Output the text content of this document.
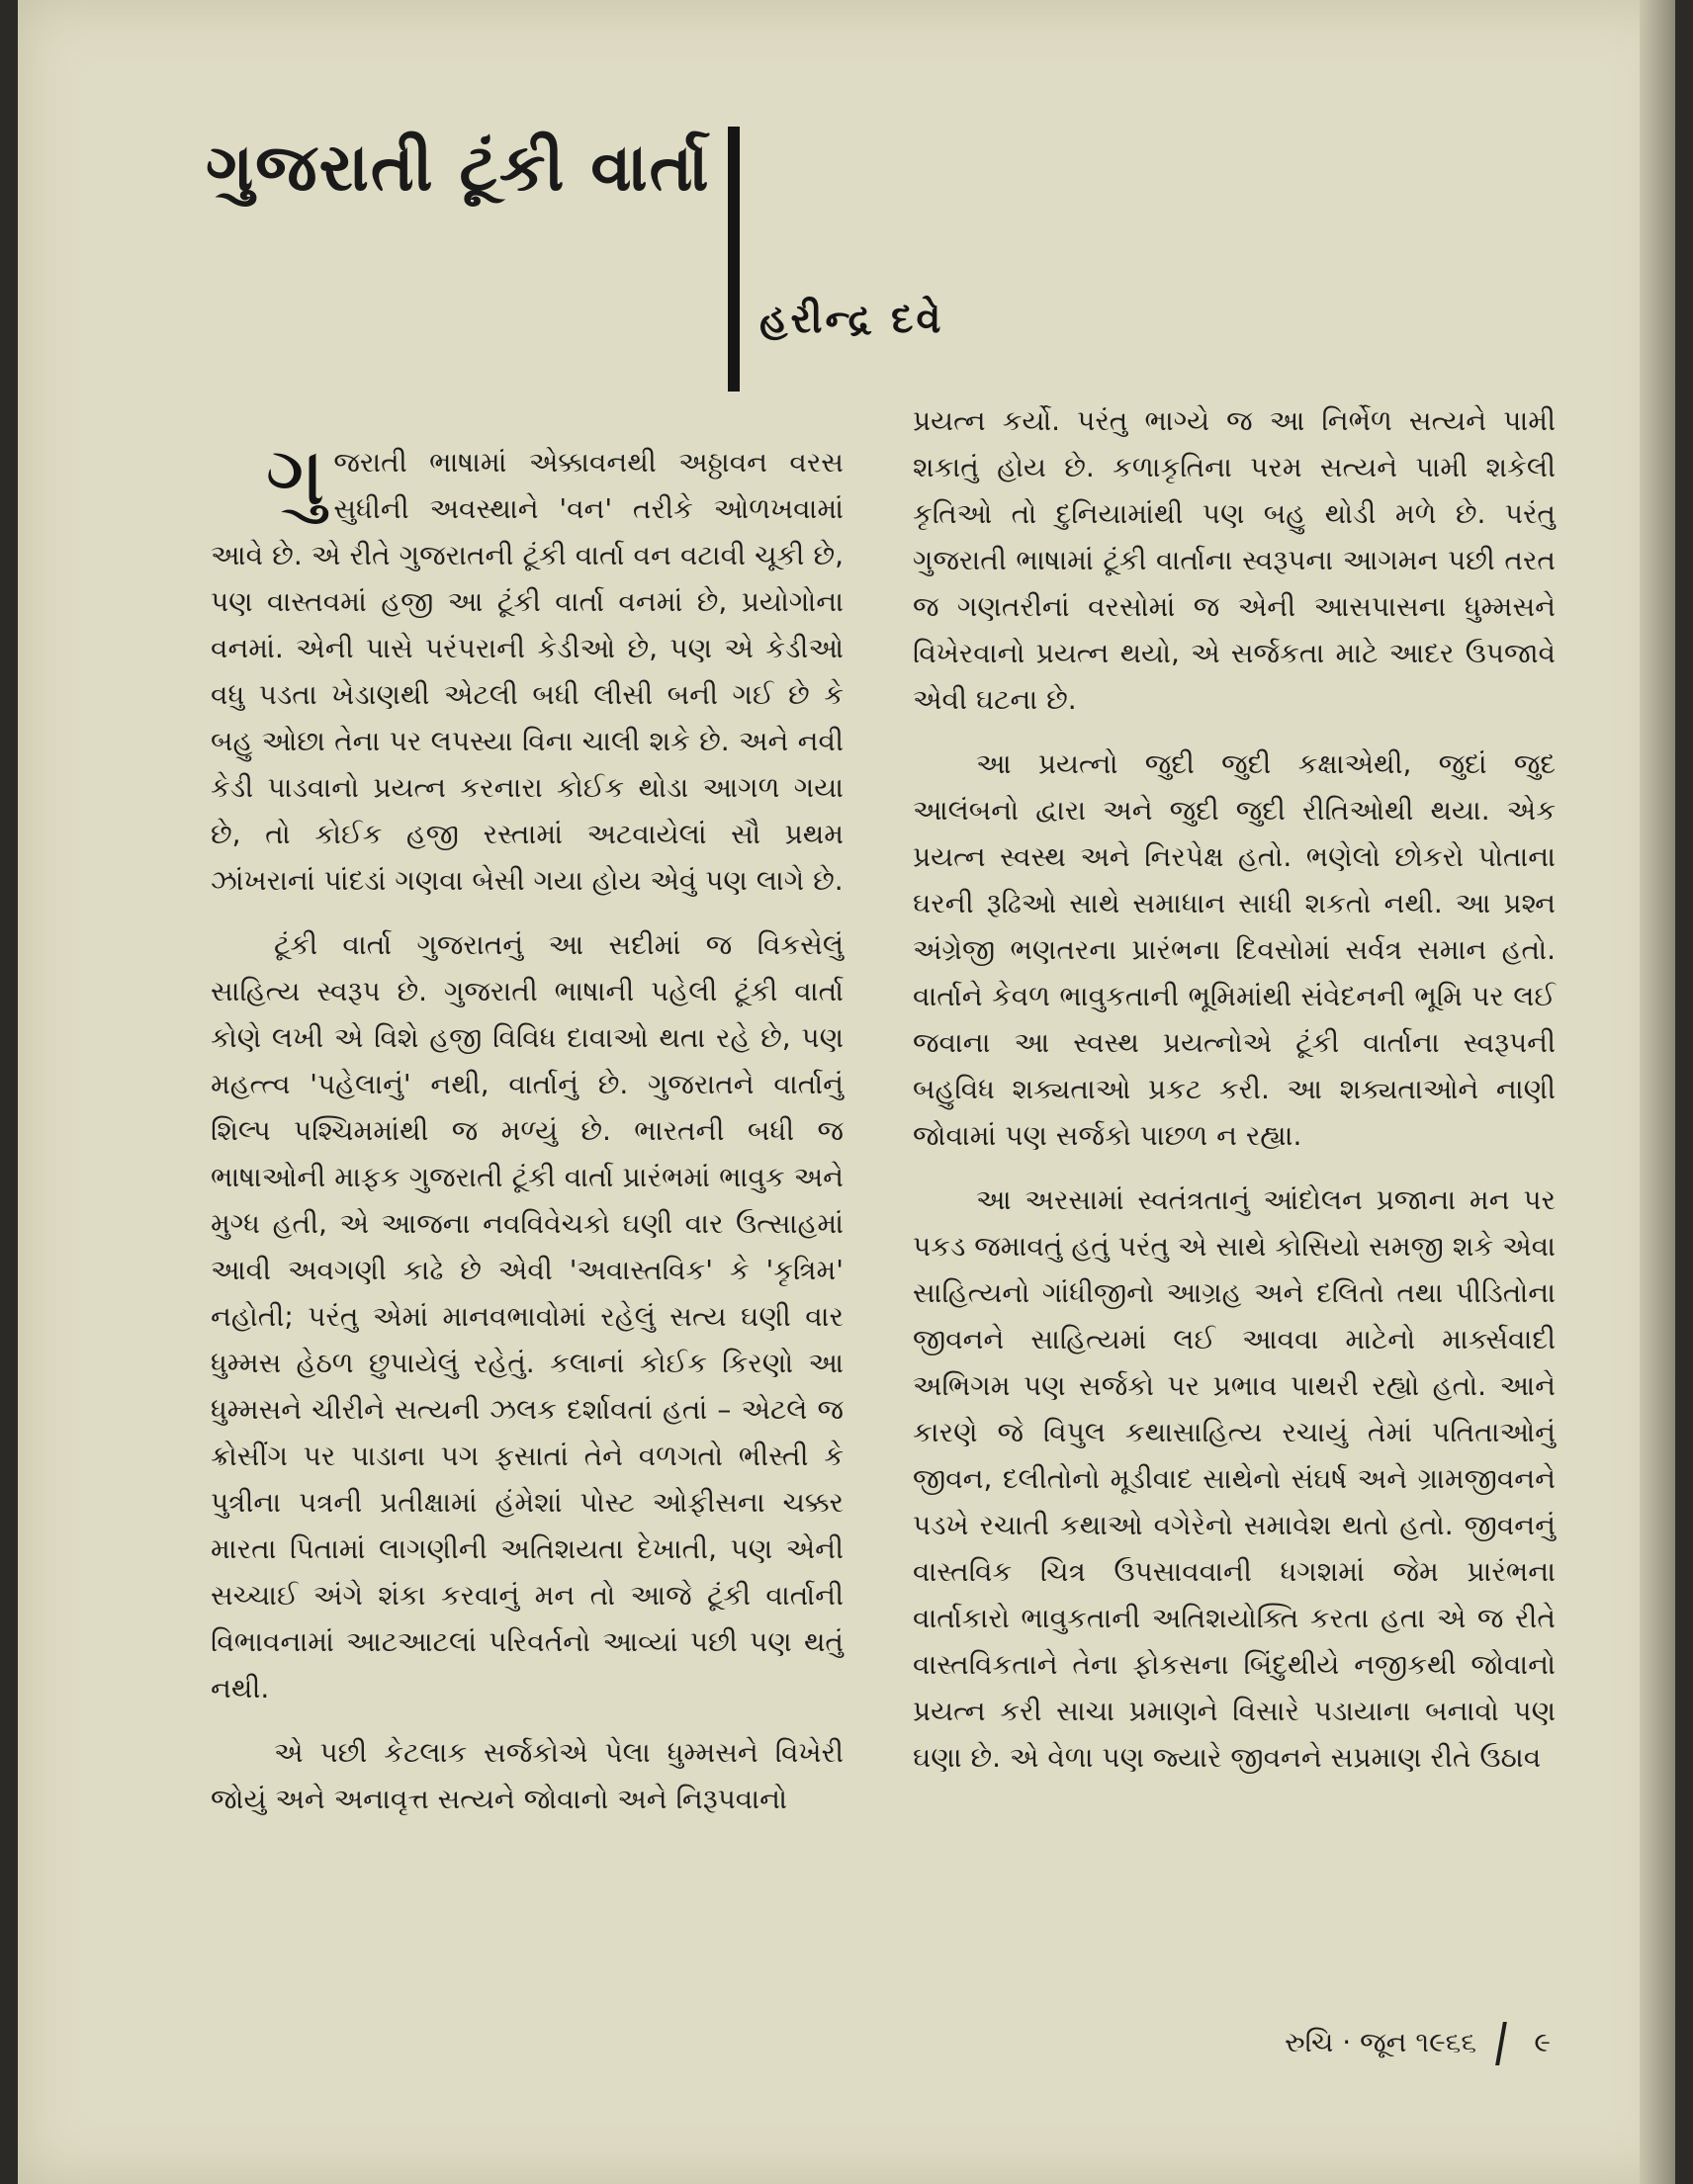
ગુજરાતી ટૂંકી વાર્તા
હરીન્દ્ર દવે

ગુજરાતી ભાષામાં એક્કાવનથી અઠ્ઠાવન વરસ સુધીની અવસ્થાને 'વન' તરીકે ઓળખવામાં આવે છે. એ રીતે ગુજરાતની ટૂંકી વાર્તા વન વટાવી ચૂકી છે, પણ વાસ્તવમાં હજી આ ટૂંકી વાર્તા વનમાં છે, પ્રયોગોના વનમાં. એની પાસે પરંપરાની કેડીઓ છે, પણ એ કેડીઓ વધુ પડતા ખેડાણથી એટલી બધી લીસી બની ગઈ છે કે બહુ ઓછા તેના પર લપસ્યા વિના ચાલી શકે છે. અને નવી કેડી પાડવાનો પ્રયત્ન કરનારા કોઈક થોડા આગળ ગયા છે, તો કોઈક હજી રસ્તામાં અટવાયેલાં સૌ પ્રથમ ઝાંખરાનાં પાંદડાં ગણવા બેસી ગયા હોય એવું પણ લાગે છે.

ટૂંકી વાર્તા ગુજરાતનું આ સદીમાં જ વિકસેલું સાહિત્ય સ્વરૂપ છે. ગુજરાતી ભાષાની પહેલી ટૂંકી વાર્તા કોણે લખી એ વિશે હજી વિવિધ દાવાઓ થતા રહે છે, પણ મહત્ત્વ 'પહેલાનું' નથી, વાર્તાનું છે. ગુજરાતને વાર્તાનું શિલ્પ પશ્ચિમમાંથી જ મળ્યું છે. ભારતની બધી જ ભાષાઓની માફક ગુજરાતી ટૂંકી વાર્તા પ્રારંભમાં ભાવુક અને મુગ્ધ હતી, એ આજના નવવિવેચકો ઘણી વાર ઉત્સાહમાં આવી અવગણી કાઢે છે એવી 'અવાસ્તવિક' કે 'કૃત્રિમ' નહોતી; પરંતુ એમાં માનવભાવોમાં રહેલું સત્ય ઘણી વાર ધુમ્મસ હેઠળ છુપાયેલું રહેતું. કલાનાં કોઈક કિરણો આ ધુમ્મસને ચીરીને સત્યની ઝલક દર્શાવતાં હતાં – એટલે જ ક્રોસીંગ પર પાડાના પગ ફસાતાં તેને વળગતો ભીસ્તી કે પુત્રીના પત્રની પ્રતીક્ષામાં હંમેશાં પોસ્ટ ઓફીસના ચક્કર મારતા પિતામાં લાગણીની અતિશયતા દેખાતી, પણ એની સચ્ચાઈ અંગે શંકા કરવાનું મન તો આજે ટૂંકી વાર્તાની વિભાવનામાં આટઆટલાં પરિવર્તનો આવ્યાં પછી પણ થતું નથી.

એ પછી કેટલાક સર્જકોએ પેલા ધુમ્મસને વિખેરી જોયું અને અનાવૃત્ત સત્યને જોવાનો અને નિરૂપવાનો

પ્રયત્ન કર્યો. પરંતુ ભાગ્યે જ આ નિર્ભેળ સત્યને પામી શકાતું હોય છે. કળાકૃતિના પરમ સત્યને પામી શકેલી કૃતિઓ તો દુનિયામાંથી પણ બહુ થોડી મળે છે. પરંતુ ગુજરાતી ભાષામાં ટૂંકી વાર્તાના સ્વરૂપના આગમન પછી તરત જ ગણતરીનાં વરસોમાં જ એની આસપાસના ધુમ્મસને વિખેરવાનો પ્રયત્ન થયો, એ સર્જકતા માટે આદર ઉપજાવે એવી ઘટના છે.

આ પ્રયત્નો જુદી જુદી કક્ષાએથી, જુદાં જુદ આલંબનો દ્વારા અને જુદી જુદી રીતિઓથી થયા. એક પ્રયત્ન સ્વસ્થ અને નિરપેક્ષ હતો. ભણેલો છોકરો પોતાના ઘરની રૂઢિઓ સાથે સમાધાન સાધી શકતો નથી. આ પ્રશ્ન અંગ્રેજી ભણતરના પ્રારંભના દિવસોમાં સર્વત્ર સમાન હતો. વાર્તાને કેવળ ભાવુકતાની ભૂમિમાંથી સંવેદનની ભૂમિ પર લઈ જવાના આ સ્વસ્થ પ્રયત્નોએ ટૂંકી વાર્તાના સ્વરૂપની બહુવિધ શક્યતાઓ પ્રકટ કરી. આ શક્યતાઓને નાણી જોવામાં પણ સર્જકો પાછળ ન રહ્યા.

આ અરસામાં સ્વતંત્રતાનું આંદોલન પ્રજાના મન પર પકડ જમાવતું હતું પરંતુ એ સાથે કોસિયો સમજી શકે એવા સાહિત્યનો ગાંધીજીનો આગ્રહ અને દલિતો તથા પીડિતોના જીવનને સાહિત્યમાં લઈ આવવા માટેનો માર્ક્સવાદી અભિગમ પણ સર્જકો પર પ્રભાવ પાથરી રહ્યો હતો. આને કારણે જે વિપુલ કથાસાહિત્ય રચાયું તેમાં પતિતાઓનું જીવન, દલીતોનો મૂડીવાદ સાથેનો સંઘર્ષ અને ગ્રામજીવનને પડખે રચાતી કથાઓ વગેરેનો સમાવેશ થતો હતો. જીવનનું વાસ્તવિક ચિત્ર ઉપસાવવાની ધગશમાં જેમ પ્રારંભના વાર્તાકારો ભાવુકતાની અતિશયોક્તિ કરતા હતા એ જ રીતે વાસ્તવિકતાને તેના ફોકસના બિંદુથીયે નજીકથી જોવાનો પ્રયત્ન કરી સાચા પ્રમાણને વિસારે પડાયાના બનાવો પણ ઘણા છે. એ વેળા પણ જ્યારે જીવનને સપ્રમાણ રીતે ઉઠાવ

રુચિ · જૂન ૧૯૬૬ ૯
